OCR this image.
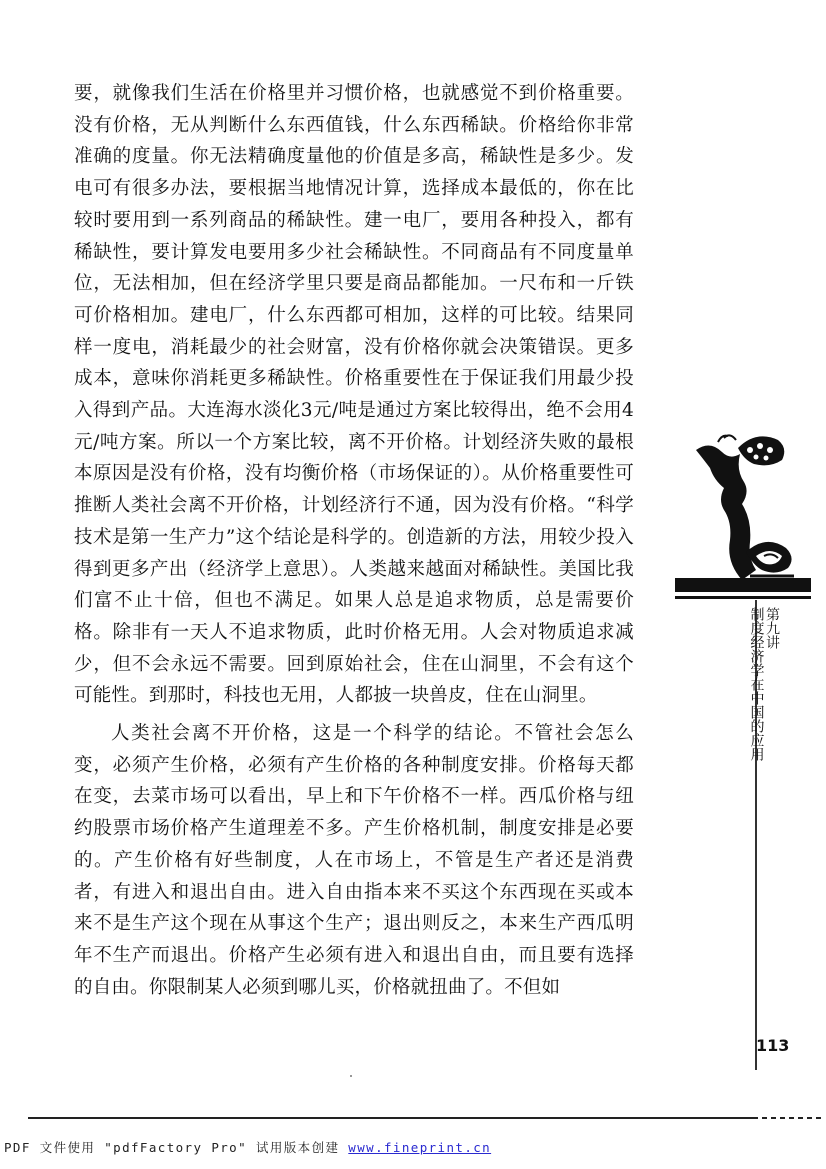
要，就像我们生活在价格里并习惯价格，也就感觉不到价格重要。没有价格，无从判断什么东西值钱，什么东西稀缺。价格给你非常准确的度量。你无法精确度量他的价值是多高，稀缺性是多少。发电可有很多办法，要根据当地情况计算，选择成本最低的，你在比较时要用到一系列商品的稀缺性。建一电厂，要用各种投入，都有稀缺性，要计算发电要用多少社会稀缺性。不同商品有不同度量单位，无法相加，但在经济学里只要是商品都能加。一尺布和一斤铁可价格相加。建电厂，什么东西都可相加，这样的可比较。结果同样一度电，消耗最少的社会财富，没有价格你就会决策错误。更多成本，意味你消耗更多稀缺性。价格重要性在于保证我们用最少投入得到产品。大连海水淡化3元/吨是通过方案比较得出，绝不会用4元/吨方案。所以一个方案比较，离不开价格。计划经济失败的最根本原因是没有价格，没有均衡价格（市场保证的）。从价格重要性可推断人类社会离不开价格，计划经济行不通，因为没有价格。“科学技术是第一生产力”这个结论是科学的。创造新的方法，用较少投入得到更多产出（经济学上意思）。人类越来越面对稀缺性。美国比我们富不止十倍，但也不满足。如果人总是追求物质，总是需要价格。除非有一天人不追求物质，此时价格无用。人会对物质追求减少，但不会永远不需要。回到原始社会，住在山洞里，不会有这个可能性。到那时，科技也无用，人都披一块兽皮，住在山洞里。

人类社会离不开价格，这是一个科学的结论。不管社会怎么变，必须产生价格，必须有产生价格的各种制度安排。价格每天都在变，去菜市场可以看出，早上和下午价格不一样。西瓜价格与纽约股票市场价格产生道理差不多。产生价格机制，制度安排是必要的。产生价格有好些制度，人在市场上，不管是生产者还是消费者，有进入和退出自由。进入自由指本来不买这个东西现在买或本来不是生产这个现在从事这个生产；退出则反之，本来生产西瓜明年不生产而退出。价格产生必须有进入和退出自由，而且要有选择的自由。你限制某人必须到哪儿买，价格就扭曲了。不但如

第九讲
制度经济学在中国的应用
113
PDF 文件使用 "pdfFactory Pro" 试用版本创建 www.fineprint.cn
